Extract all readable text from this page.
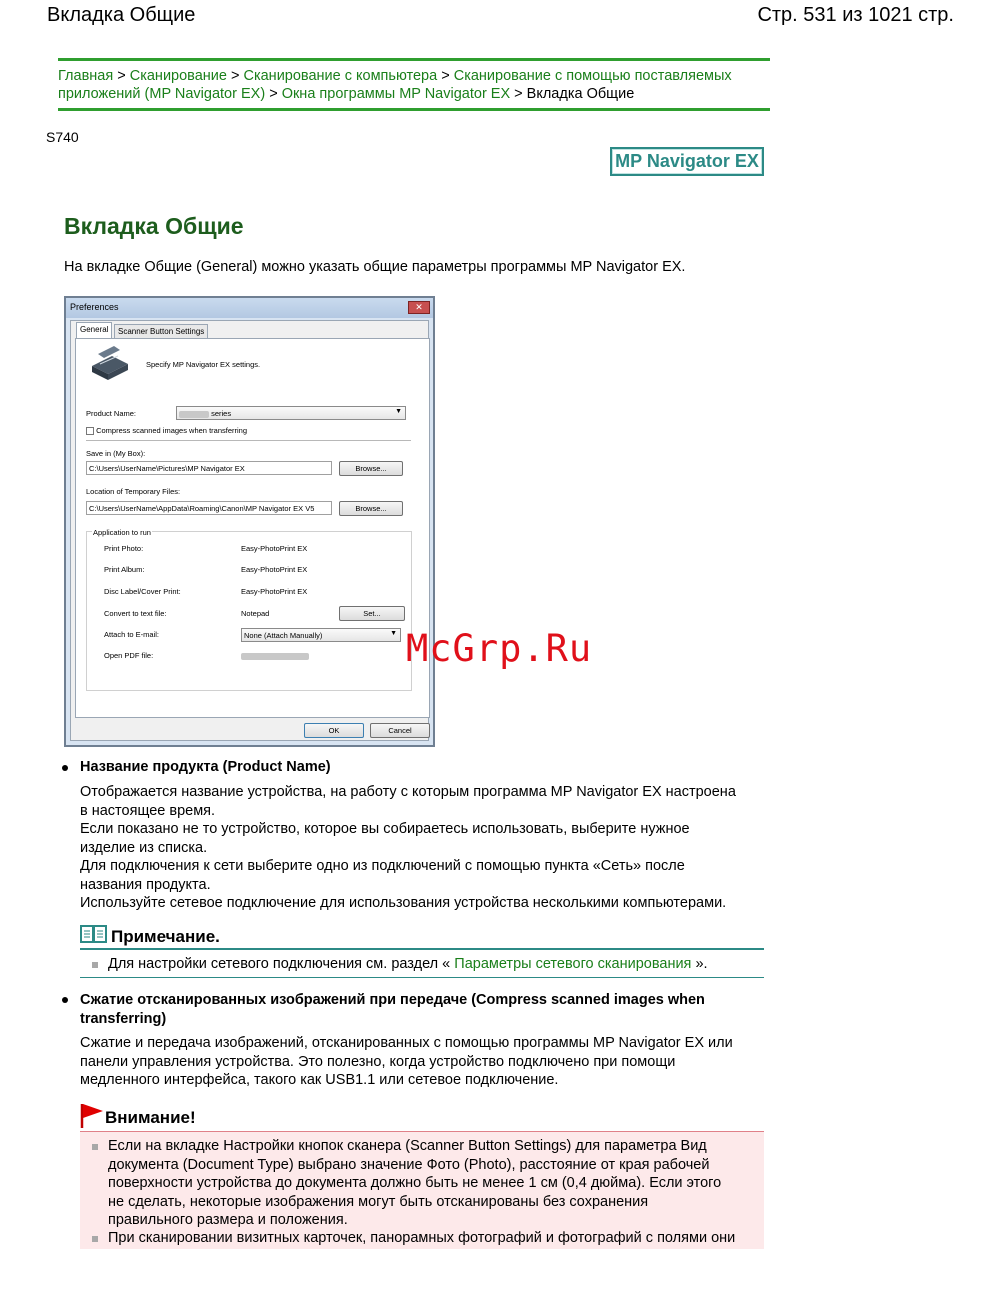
Вкладка Общие	Стр. 531 из 1021 стр.
Главная > Сканирование > Сканирование с компьютера > Сканирование с помощью поставляемых приложений (MP Navigator EX) > Окна программы MP Navigator EX > Вкладка Общие
S740
MP Navigator EX
Вкладка Общие
На вкладке Общие (General) можно указать общие параметры программы MP Navigator EX.
Preferences	✕
General	Scanner Button Settings
Specify MP Navigator EX settings.
Product Name:	series	▼
Compress scanned images when transferring
Save in (My Box):
C:\Users\UserName\Pictures\MP Navigator EX	Browse...
Location of Temporary Files:
C:\Users\UserName\AppData\Roaming\Canon\MP Navigator EX V5	Browse...
Application to run
Print Photo:	Easy-PhotoPrint EX
Print Album:	Easy-PhotoPrint EX
Disc Label/Cover Print:	Easy-PhotoPrint EX
Convert to text file:	Notepad	Set...
Attach to E-mail:	None (Attach Manually)	▼
Open PDF file:
OK	Cancel
McGrp.Ru
Название продукта (Product Name)
Отображается название устройства, на работу с которым программа MP Navigator EX настроена
в настоящее время.
Если показано не то устройство, которое вы собираетесь использовать, выберите нужное
изделие из списка.
Для подключения к сети выберите одно из подключений с помощью пункта «Сеть» после
названия продукта.
Используйте сетевое подключение для использования устройства несколькими компьютерами.
Примечание.
Для настройки сетевого подключения см. раздел « Параметры сетевого сканирования ».
Сжатие отсканированных изображений при передаче (Compress scanned images when
transferring)
Сжатие и передача изображений, отсканированных с помощью программы MP Navigator EX или
панели управления устройства. Это полезно, когда устройство подключено при помощи
медленного интерфейса, такого как USB1.1 или сетевое подключение.
Внимание!
Если на вкладке Настройки кнопок сканера (Scanner Button Settings) для параметра Вид
документа (Document Type) выбрано значение Фото (Photo), расстояние от края рабочей
поверхности устройства до документа должно быть не менее 1 см (0,4 дюйма). Если этого
не сделать, некоторые изображения могут быть отсканированы без сохранения
правильного размера и положения.
При сканировании визитных карточек, панорамных фотографий и фотографий с полями они
